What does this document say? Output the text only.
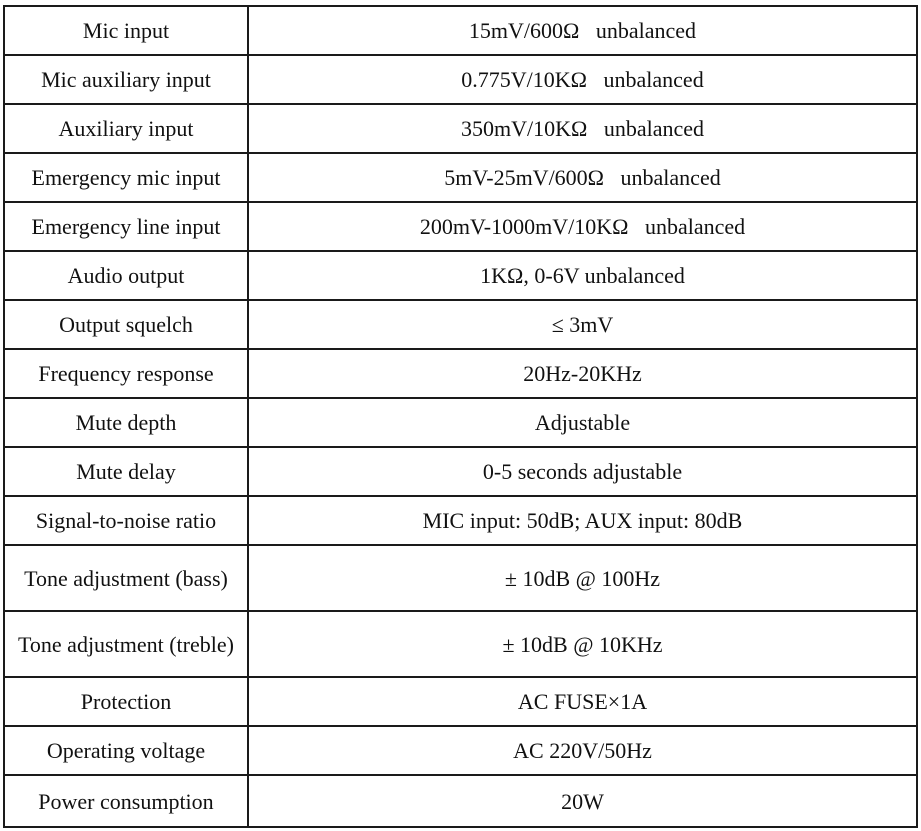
Mic input	15mV/600Ω   unbalanced
Mic auxiliary input	0.775V/10KΩ   unbalanced
Auxiliary input	350mV/10KΩ   unbalanced
Emergency mic input	5mV-25mV/600Ω   unbalanced
Emergency line input	200mV-1000mV/10KΩ   unbalanced
Audio output	1KΩ, 0-6V unbalanced
Output squelch	≤ 3mV
Frequency response	20Hz-20KHz
Mute depth	Adjustable
Mute delay	0-5 seconds adjustable
Signal-to-noise ratio	MIC input: 50dB; AUX input: 80dB
Tone adjustment (bass)	± 10dB @ 100Hz
Tone adjustment (treble)	± 10dB @ 10KHz
Protection	AC FUSE×1A
Operating voltage	AC 220V/50Hz
Power consumption	20W
